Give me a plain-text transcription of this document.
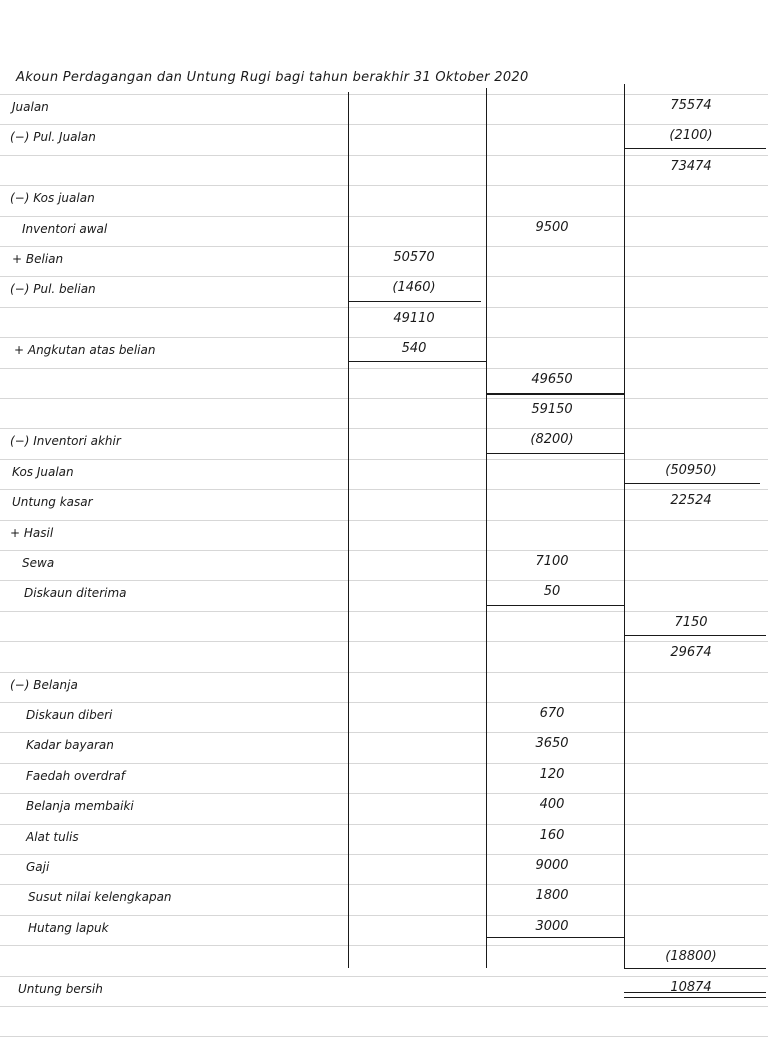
Akoun Perdagangan dan Untung Rugi bagi tahun berakhir 31 Oktober 2020
Jualan	75574
(−) Pul. Jualan	(2100)
73474
(−) Kos jualan
Inventori awal	9500
+ Belian	50570
(−) Pul. belian	(1460)
49110
+ Angkutan atas belian	540
49650
59150
(−) Inventori akhir	(8200)
Kos Jualan	(50950)
Untung kasar	22524
+ Hasil
Sewa	7100
Diskaun diterima	50
7150
29674
(−) Belanja
Diskaun diberi	670
Kadar bayaran	3650
Faedah overdraf	120
Belanja membaiki	400
Alat tulis	160
Gaji	9000
Susut nilai kelengkapan	1800
Hutang lapuk	3000
(18800)
Untung bersih	10874
